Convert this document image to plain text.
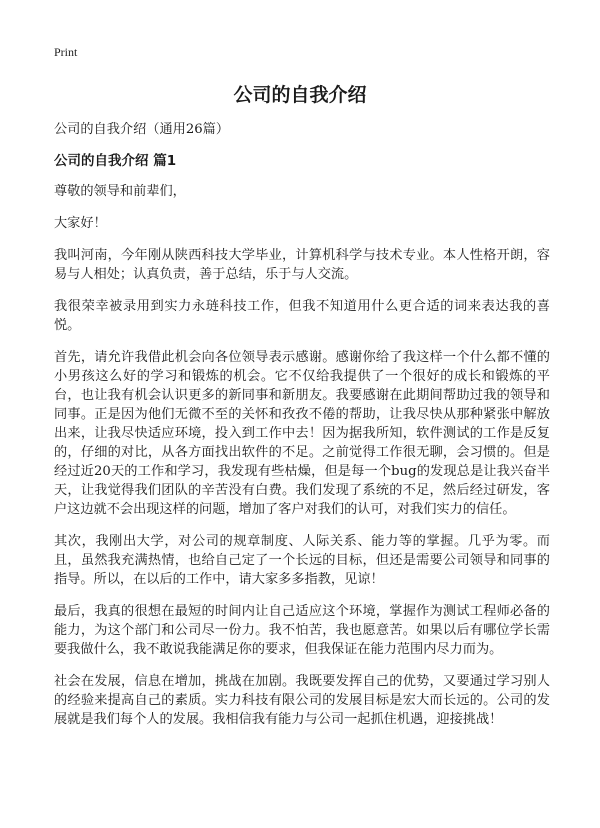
Print
公司的自我介绍

公司的自我介绍（通用26篇）

公司的自我介绍 篇1

尊敬的领导和前辈们，

大家好！

我叫河南，今年刚从陕西科技大学毕业，计算机科学与技术专业。本人性格开朗，容易与人相处；认真负责，善于总结，乐于与人交流。

我很荣幸被录用到实力永琏科技工作，但我不知道用什么更合适的词来表达我的喜悦。

首先，请允许我借此机会向各位领导表示感谢。感谢你给了我这样一个什么都不懂的小男孩这么好的学习和锻炼的机会。它不仅给我提供了一个很好的成长和锻炼的平台，也让我有机会认识更多的新同事和新朋友。我要感谢在此期间帮助过我的领导和同事。正是因为他们无微不至的关怀和孜孜不倦的帮助，让我尽快从那种紧张中解放出来，让我尽快适应环境，投入到工作中去！因为据我所知，软件测试的工作是反复的，仔细的对比，从各方面找出软件的不足。之前觉得工作很无聊，会习惯的。但是经过近20天的工作和学习，我发现有些枯燥，但是每一个bug的发现总是让我兴奋半天，让我觉得我们团队的辛苦没有白费。我们发现了系统的不足，然后经过研发，客户这边就不会出现这样的问题，增加了客户对我们的认可，对我们实力的信任。

其次，我刚出大学，对公司的规章制度、人际关系、能力等的掌握。几乎为零。而且，虽然我充满热情，也给自己定了一个长远的目标，但还是需要公司领导和同事的指导。所以，在以后的工作中，请大家多多指教，见谅！

最后，我真的很想在最短的时间内让自己适应这个环境，掌握作为测试工程师必备的能力，为这个部门和公司尽一份力。我不怕苦，我也愿意苦。如果以后有哪位学长需要我做什么，我不敢说我能满足你的要求，但我保证在能力范围内尽力而为。

社会在发展，信息在增加，挑战在加剧。我既要发挥自己的优势，又要通过学习别人的经验来提高自己的素质。实力科技有限公司的发展目标是宏大而长远的。公司的发展就是我们每个人的发展。我相信我有能力与公司一起抓住机遇，迎接挑战！
